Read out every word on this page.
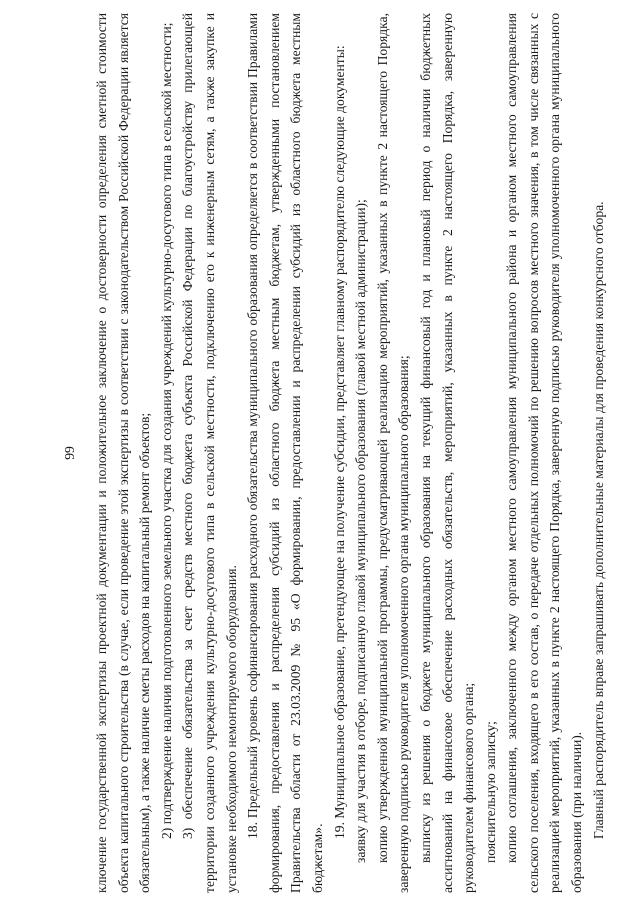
99	ключение государственной экспертизы проектной документации и положительное заключение о достоверности определения сметной стоимости объекта капитального строительства (в случае, если проведение этой экспертизы в соответствии с законодательством Российской Федерации является обязательным), а также наличие сметы расходов на капитальный ремонт объектов; 2) подтверждение наличия подготовленного земельного участка для создания учреждений культурно-досугового типа в сельской местности; 3) обеспечение обязательства за счет средств местного бюджета субъекта Российской Федерации по благоустройству прилегающей территории созданного учреждения культурно-досугового типа в сельской местности, подключению его к инженерным сетям, а также закупке и установке необходимого немонтируемого оборудования. 18. Предельный уровень софинансирования расходного обязательства муниципального образования определяется в соответствии Правилами формирования, предоставления и распределения субсидий из областного бюджета местным бюджетам, утвержденными постановлением Правительства области от 23.03.2009 № 95 «О формировании, предоставлении и распределении субсидий из областного бюджета местным бюджетам».

19. Муниципальное образование, претендующее на получение субсидии, представляет главному распорядителю следующие документы: заявку для участия в отборе, подписанную главой муниципального образования (главой местной администрации); копию утвержденной муниципальной программы, предусматривающей реализацию мероприятий, указанных в пункте 2 настоящего Порядка, заверенную подписью руководителя уполномоченного органа муниципального образования; выписку из решения о бюджете муниципального образования на текущий финансовый год и плановый период о наличии бюджетных ассигнований на финансовое обеспечение расходных обязательств, мероприятий, указанных в пункте 2 настоящего Порядка, заверенную руководителем финансового органа; пояснительную записку; копию соглашения, заключенного между органом местного самоуправления муниципального района и органом местного самоуправления сельского поселения, входящего в его состав, о передаче отдельных полномочий по решению вопросов местного значения, в том числе связанных с реализацией мероприятий, указанных в пункте 2 настоящего Порядка, заверенную подписью руководителя уполномоченного органа муниципального образования (при наличии). Главный распорядитель вправе запрашивать дополнительные материалы для проведения конкурсного отбора.
